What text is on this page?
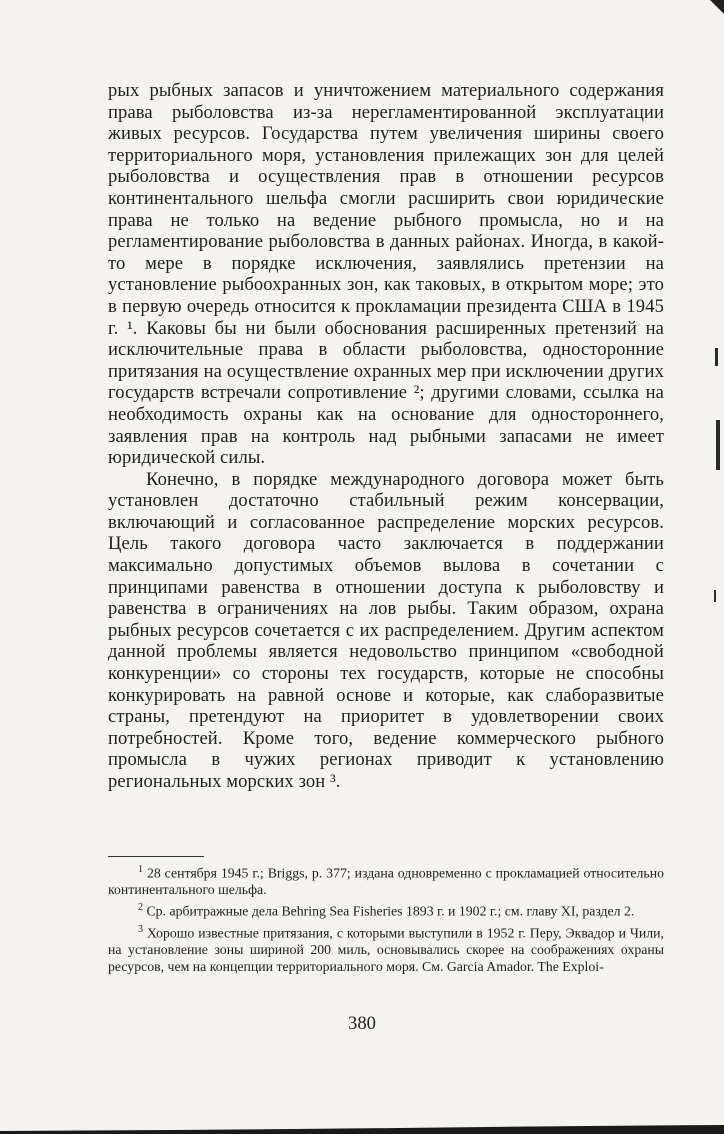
рых рыбных запасов и уничтожением материального содержания права рыболовства из-за нерегламентированной эксплуатации живых ресурсов. Государства путем увеличения ширины своего территориального моря, установления прилежащих зон для целей рыболовства и осуществления прав в отношении ресурсов континентального шельфа смогли расширить свои юридические права не только на ведение рыбного промысла, но и на регламентирование рыболовства в данных районах. Иногда, в какой-то мере в порядке исключения, заявлялись претензии на установление рыбоохранных зон, как таковых, в открытом море; это в первую очередь относится к прокламации президента США в 1945 г. ¹. Каковы бы ни были обоснования расширенных претензий на исключительные права в области рыболовства, односторонние притязания на осуществление охранных мер при исключении других государств встречали сопротивление ²; другими словами, ссылка на необходимость охраны как на основание для одностороннего, заявления прав на контроль над рыбными запасами не имеет юридической силы.

Конечно, в порядке международного договора может быть установлен достаточно стабильный режим консервации, включающий и согласованное распределение морских ресурсов. Цель такого договора часто заключается в поддержании максимально допустимых объемов вылова в сочетании с принципами равенства в отношении доступа к рыболовству и равенства в ограничениях на лов рыбы. Таким образом, охрана рыбных ресурсов сочетается с их распределением. Другим аспектом данной проблемы является недовольство принципом «свободной конкуренции» со стороны тех государств, которые не способны конкурировать на равной основе и которые, как слаборазвитые страны, претендуют на приоритет в удовлетворении своих потребностей. Кроме того, ведение коммерческого рыбного промысла в чужих регионах приводит к установлению региональных морских зон ³.

$^1$ 28 сентября 1945 г.; Briggs, p. 377; издана одновременно с прокламацией относительно континентального шельфа.

$^2$ Ср. арбитражные дела Behring Sea Fisheries 1893 г. и 1902 г.; см. главу XI, раздел 2.

$^3$ Хорошо известные притязания, с которыми выступили в 1952 г. Перу, Эквадор и Чили, на установление зоны шириной 200 миль, основывались скорее на соображениях охраны ресурсов, чем на концепции территориального моря. См. Garcia Amador. The Exploi-

380
